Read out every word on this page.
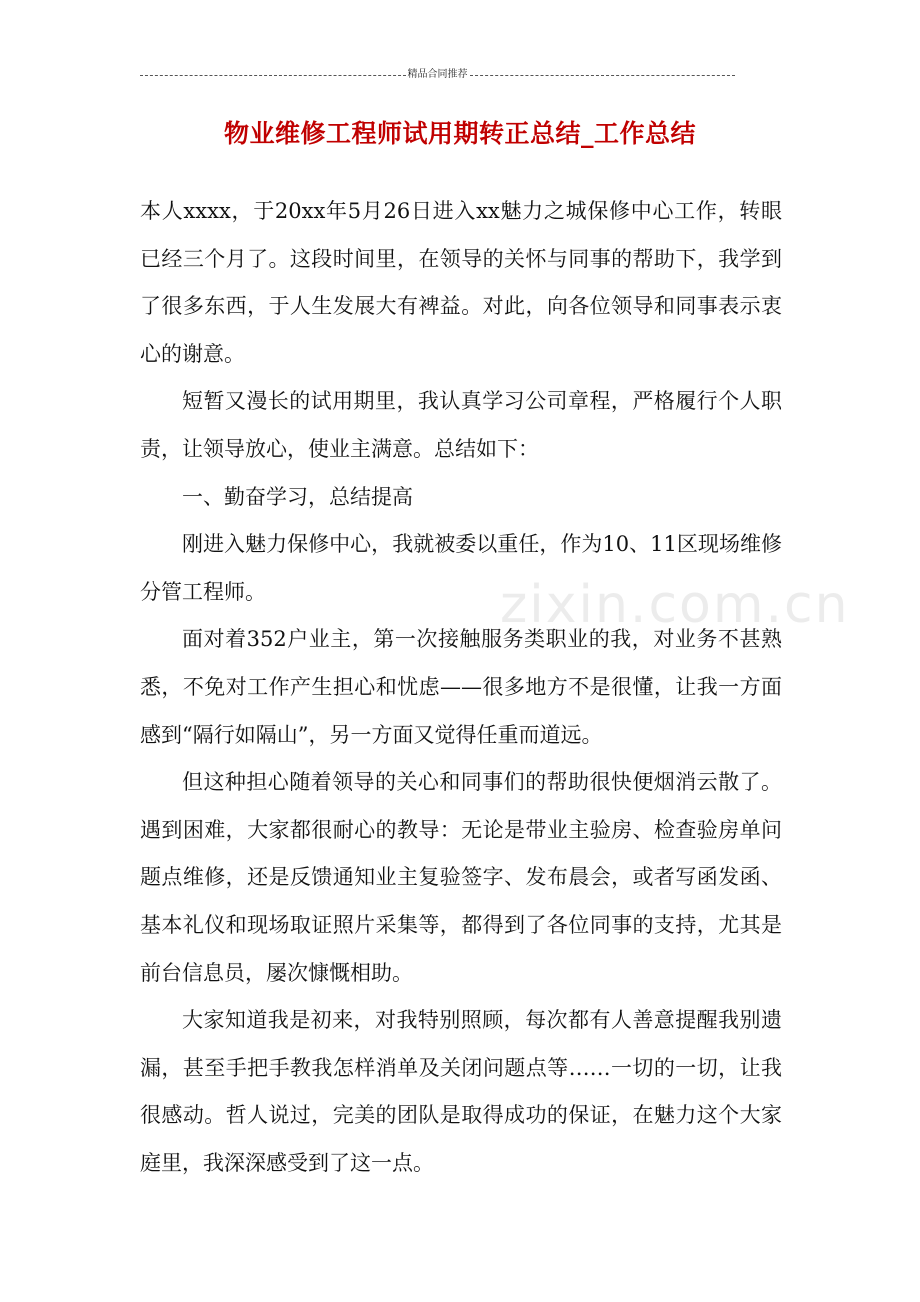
精品合同推荐
物业维修工程师试用期转正总结_工作总结
zixin.com.cn

本人xxxx，于20xx年5月26日进入xx魅力之城保修中心工作，转眼已经三个月了。这段时间里，在领导的关怀与同事的帮助下，我学到了很多东西，于人生发展大有裨益。对此，向各位领导和同事表示衷心的谢意。

短暂又漫长的试用期里，我认真学习公司章程，严格履行个人职责，让领导放心，使业主满意。总结如下：

一、勤奋学习，总结提高

刚进入魅力保修中心，我就被委以重任，作为10、11区现场维修分管工程师。

面对着352户业主，第一次接触服务类职业的我，对业务不甚熟悉，不免对工作产生担心和忧虑——很多地方不是很懂，让我一方面感到“隔行如隔山”，另一方面又觉得任重而道远。

但这种担心随着领导的关心和同事们的帮助很快便烟消云散了。遇到困难，大家都很耐心的教导：无论是带业主验房、检查验房单问题点维修，还是反馈通知业主复验签字、发布晨会，或者写函发函、基本礼仪和现场取证照片采集等，都得到了各位同事的支持，尤其是前台信息员，屡次慷慨相助。

大家知道我是初来，对我特别照顾，每次都有人善意提醒我别遗漏，甚至手把手教我怎样消单及关闭问题点等……一切的一切，让我很感动。哲人说过，完美的团队是取得成功的保证，在魅力这个大家庭里，我深深感受到了这一点。
